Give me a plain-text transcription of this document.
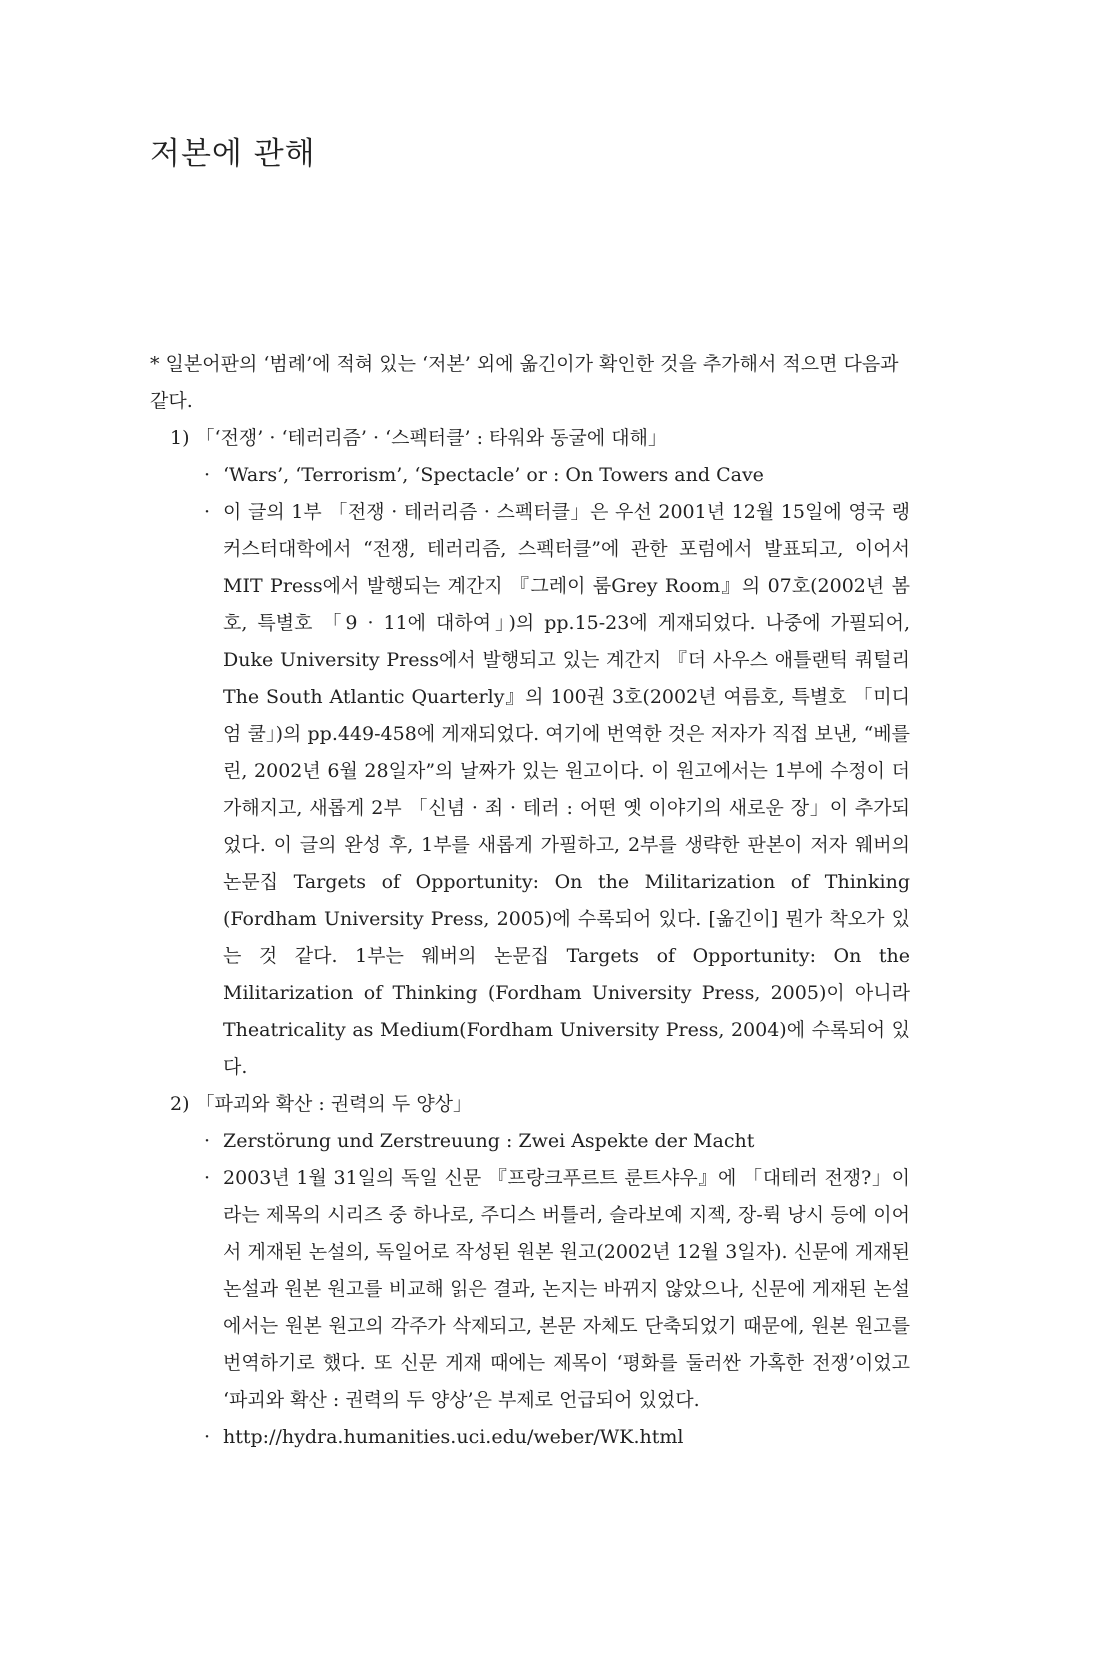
저본에 관해

* 일본어판의 ‘범례’에 적혀 있는 ‘저본’ 외에 옮긴이가 확인한 것을 추가해서 적으면 다음과 같다.

1) 「‘전쟁’ · ‘테러리즘’ · ‘스펙터클’ : 타워와 동굴에 대해」
· ‘Wars’, ‘Terrorism’, ‘Spectacle’ or : On Towers and Cave
· 이 글의 1부 「전쟁 · 테러리즘 · 스펙터클」은 우선 2001년 12월 15일에 영국 랭커스터대학에서 “전쟁, 테러리즘, 스펙터클”에 관한 포럼에서 발표되고, 이어서 MIT Press에서 발행되는 계간지 『그레이 룸Grey Room』의 07호(2002년 봄호, 특별호 「9 · 11에 대하여」)의 pp.15-23에 게재되었다. 나중에 가필되어, Duke University Press에서 발행되고 있는 계간지 『더 사우스 애틀랜틱 쿼털리 The South Atlantic Quarterly』의 100권 3호(2002년 여름호, 특별호 「미디엄 쿨」)의 pp.449-458에 게재되었다. 여기에 번역한 것은 저자가 직접 보낸, “베를린, 2002년 6월 28일자”의 날짜가 있는 원고이다. 이 원고에서는 1부에 수정이 더 가해지고, 새롭게 2부 「신념 · 죄 · 테러 : 어떤 옛 이야기의 새로운 장」이 추가되었다. 이 글의 완성 후, 1부를 새롭게 가필하고, 2부를 생략한 판본이 저자 웨버의 논문집 Targets of Opportunity: On the Militarization of Thinking (Fordham University Press, 2005)에 수록되어 있다. [옮긴이] 뭔가 착오가 있는 것 같다. 1부는 웨버의 논문집 Targets of Opportunity: On the Militarization of Thinking (Fordham University Press, 2005)이 아니라 Theatricality as Medium(Fordham University Press, 2004)에 수록되어 있다.
2) 「파괴와 확산 : 권력의 두 양상」
· Zerstörung und Zerstreuung : Zwei Aspekte der Macht
· 2003년 1월 31일의 독일 신문 『프랑크푸르트 룬트샤우』에 「대테러 전쟁?」이라는 제목의 시리즈 중 하나로, 주디스 버틀러, 슬라보예 지젝, 장-뤽 낭시 등에 이어서 게재된 논설의, 독일어로 작성된 원본 원고(2002년 12월 3일자). 신문에 게재된 논설과 원본 원고를 비교해 읽은 결과, 논지는 바뀌지 않았으나, 신문에 게재된 논설에서는 원본 원고의 각주가 삭제되고, 본문 자체도 단축되었기 때문에, 원본 원고를 번역하기로 했다. 또 신문 게재 때에는 제목이 ‘평화를 둘러싼 가혹한 전쟁’이었고 ‘파괴와 확산 : 권력의 두 양상’은 부제로 언급되어 있었다.
· http://hydra.humanities.uci.edu/weber/WK.html
